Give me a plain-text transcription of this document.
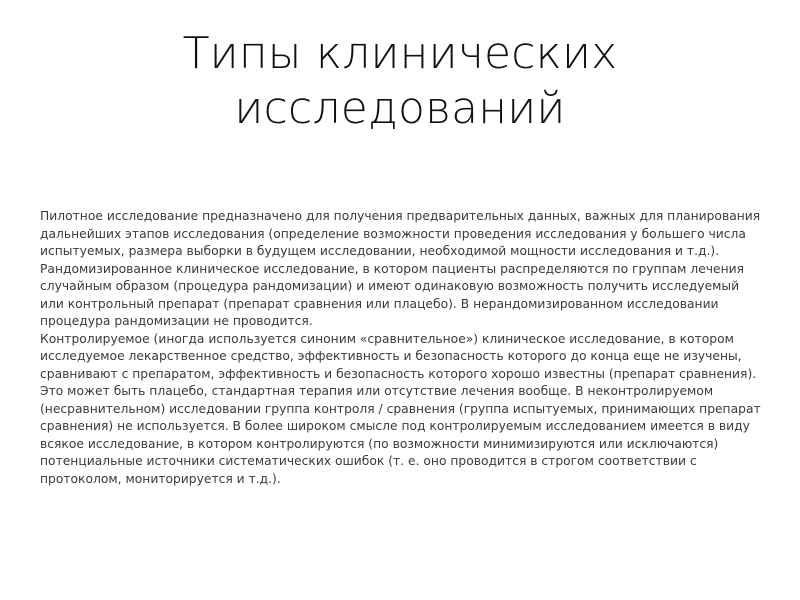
Типы клинических исследований

Пилотное исследование предназначено для получения предварительных данных, важных для планирования дальнейших этапов исследования (определение возможности проведения исследования у большего числа испытуемых, размера выборки в будущем исследовании, необходимой мощности исследования и т.д.).

Рандомизированное клиническое исследование, в котором пациенты распределяются по группам лечения случайным образом (процедура рандомизации) и имеют одинаковую возможность получить исследуемый или контрольный препарат (препарат сравнения или плацебо). В нерандомизированном исследовании процедура рандомизации не проводится.

Контролируемое (иногда используется синоним «сравнительное») клиническое исследование, в котором исследуемое лекарственное средство, эффективность и безопасность которого до конца еще не изучены, сравнивают с препаратом, эффективность и безопасность которого хорошо известны (препарат сравнения). Это может быть плацебо, стандартная терапия или отсутствие лечения вообще. В неконтролируемом (несравнительном) исследовании группа контроля / сравнения (группа испытуемых, принимающих препарат сравнения) не используется. В более широком смысле под контролируемым исследованием имеется в виду всякое исследование, в котором контролируются (по возможности минимизируются или исключаются) потенциальные источники систематических ошибок (т. е. оно проводится в строгом соответствии с протоколом, мониторируется и т.д.).
